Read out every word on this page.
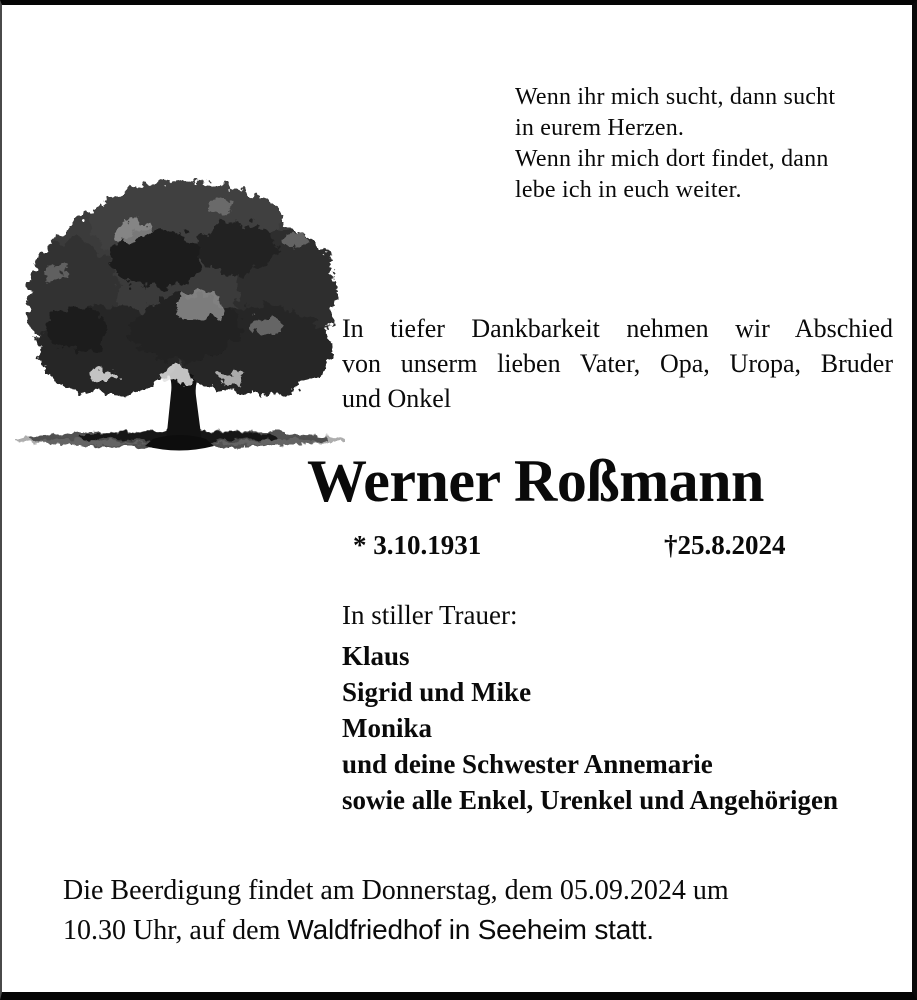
Wenn ihr mich sucht, dann sucht
in eurem Herzen.
Wenn ihr mich dort findet, dann
lebe ich in euch weiter.
In tiefer Dankbarkeit nehmen wir Abschied
von unserm lieben Vater, Opa, Uropa, Bruder
und Onkel
Werner Roßmann
* 3.10.1931	†25.8.2024
In stiller Trauer:
Klaus
Sigrid und Mike
Monika
und deine Schwester Annemarie
sowie alle Enkel, Urenkel und Angehörigen
Die Beerdigung findet am Donnerstag, dem 05.09.2024 um
10.30 Uhr, auf dem Waldfriedhof in Seeheim statt.
